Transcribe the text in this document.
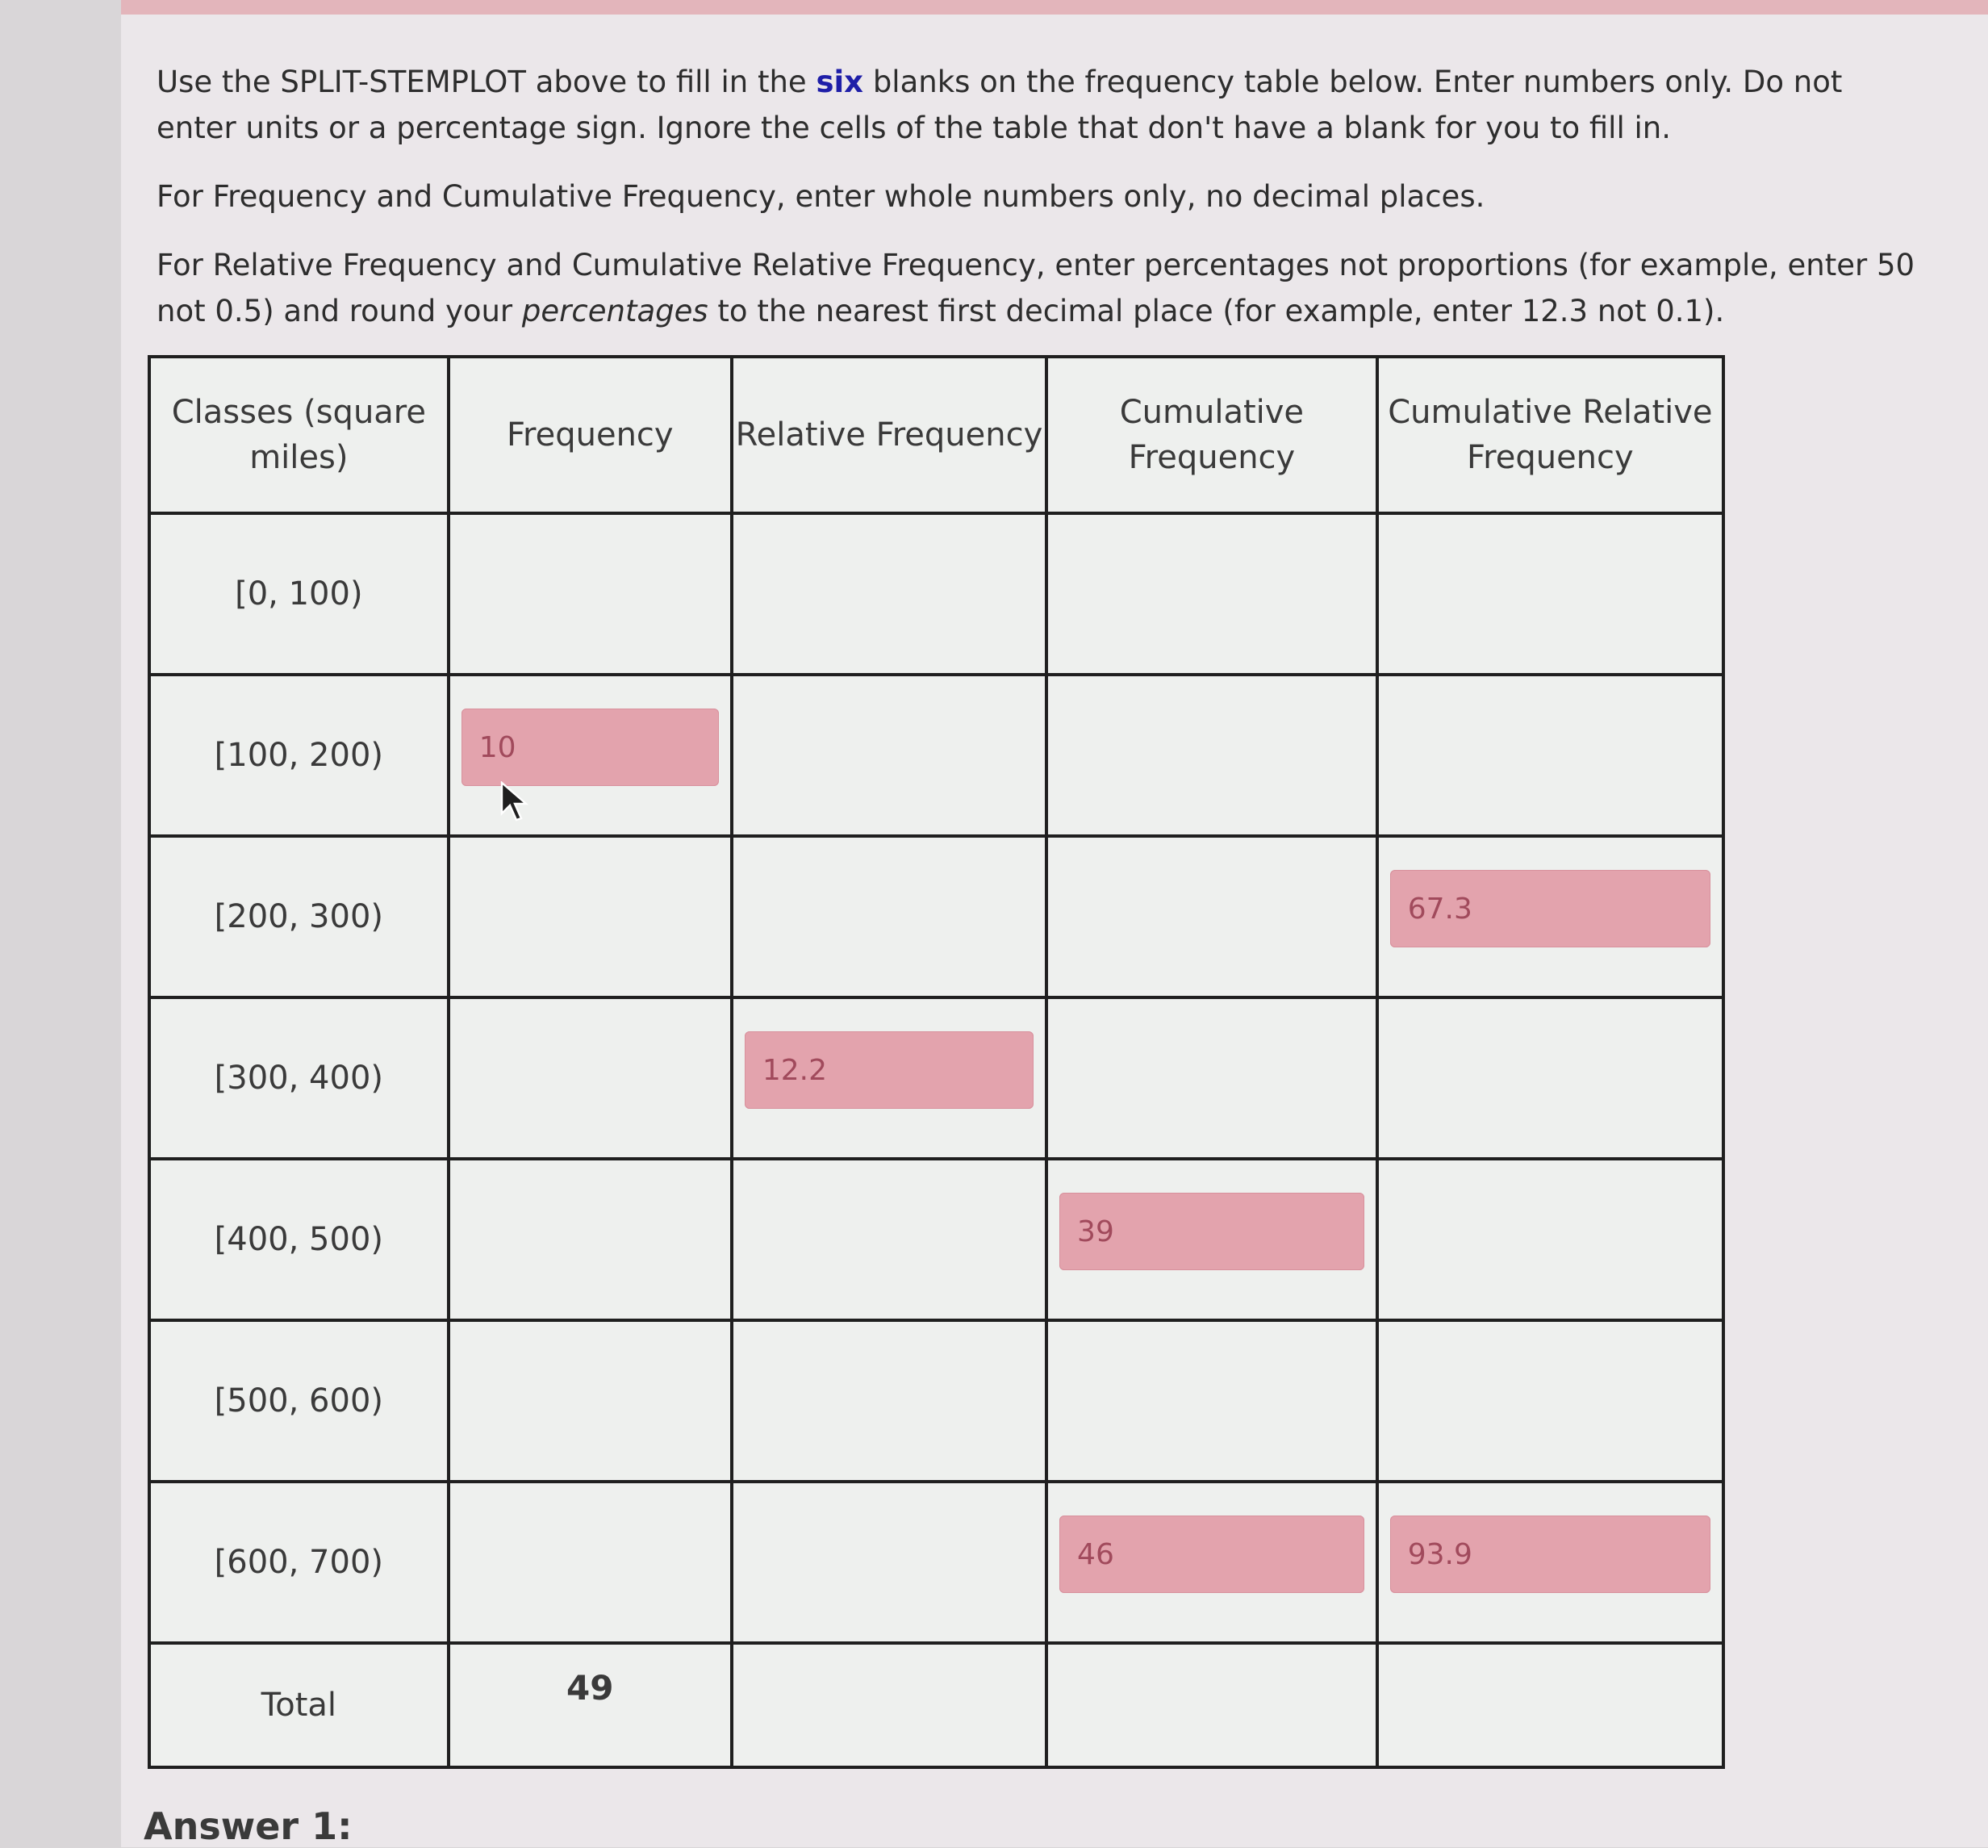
Use the SPLIT-STEMPLOT above to fill in the six blanks on the frequency table below. Enter numbers only. Do not enter units or a percentage sign. Ignore the cells of the table that don't have a blank for you to fill in.

For Frequency and Cumulative Frequency, enter whole numbers only, no decimal places.

For Relative Frequency and Cumulative Relative Frequency, enter percentages not proportions (for example, enter 50 not 0.5) and round your percentages to the nearest first decimal place (for example, enter 12.3 not 0.1).

Classes (square miles)	Frequency	Relative Frequency	Cumulative Frequency	Cumulative Relative Frequency
[0, 100)				
[100, 200)	10			

[200, 300)				67.3

[300, 400)		12.2		

[400, 500)			39	

[500, 600)				
[600, 700)			46	93.9

Total	49			
Answer 1:
